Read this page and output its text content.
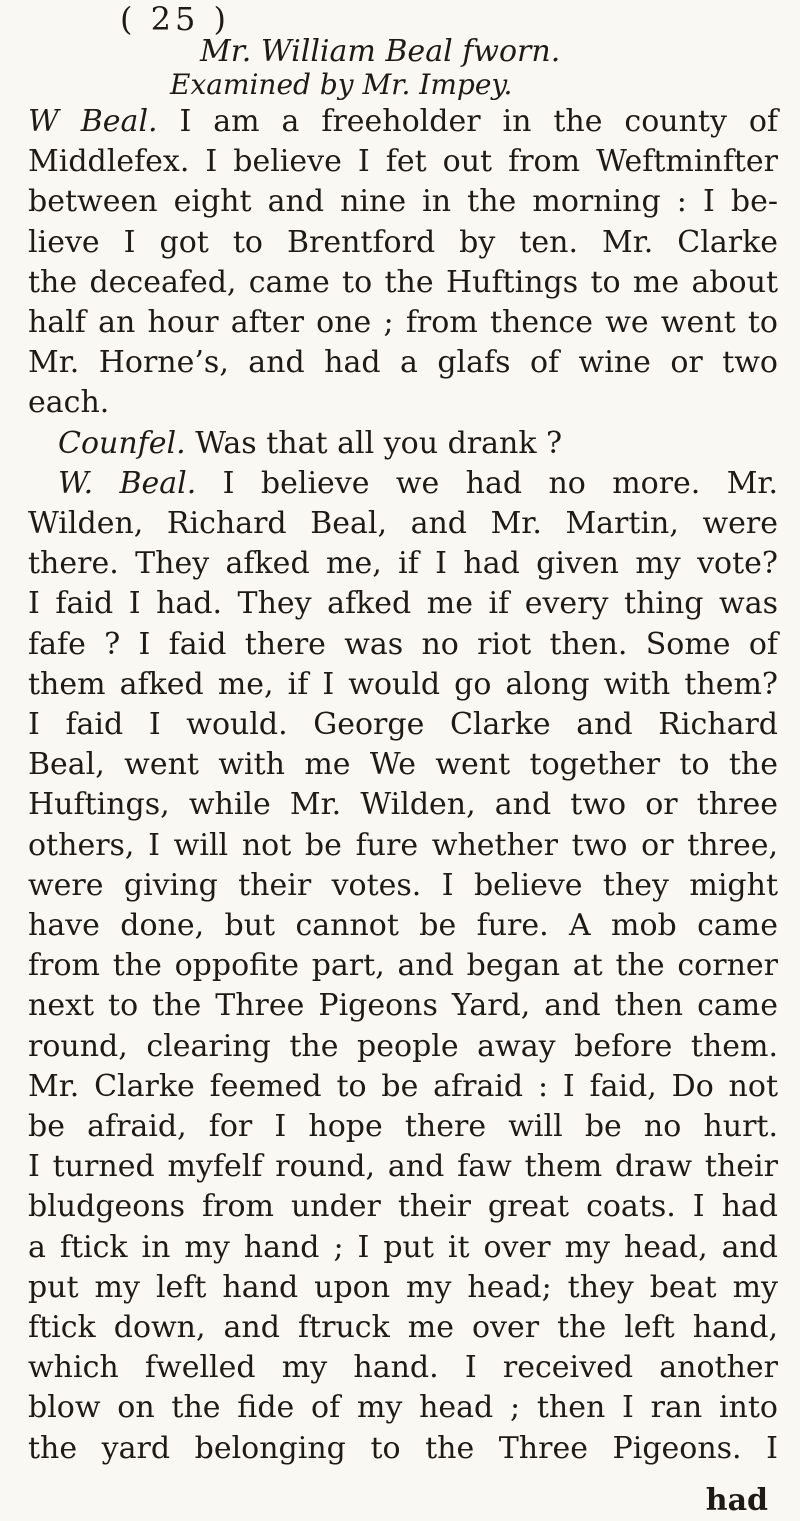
( 25 )
Mr. William Beal fworn.
Examined by Mr. Impey.
W Beal. I am a freeholder in the county of
Middlefex. I believe I fet out from Weftminfter
between eight and nine in the morning : I be-
lieve I got to Brentford by ten. Mr. Clarke
the deceafed, came to the Huftings to me about
half an hour after one ; from thence we went to
Mr. Horne’s, and had a glafs of wine or two
each.
Counfel. Was that all you drank ?
W. Beal. I believe we had no more. Mr.
Wilden, Richard Beal, and Mr. Martin, were
there. They afked me, if I had given my vote?
I faid I had. They afked me if every thing was
fafe ? I faid there was no riot then. Some of
them afked me, if I would go along with them?
I faid I would. George Clarke and Richard
Beal, went with me We went together to the
Huftings, while Mr. Wilden, and two or three
others, I will not be fure whether two or three,
were giving their votes. I believe they might
have done, but cannot be fure. A mob came
from the oppofite part, and began at the corner
next to the Three Pigeons Yard, and then came
round, clearing the people away before them.
Mr. Clarke feemed to be afraid : I faid, Do not
be afraid, for I hope there will be no hurt.
I turned myfelf round, and faw them draw their
bludgeons from under their great coats. I had
a ftick in my hand ; I put it over my head, and
put my left hand upon my head; they beat my
ftick down, and ftruck me over the left hand,
which fwelled my hand. I received another
blow on the fide of my head ; then I ran into
the yard belonging to the Three Pigeons. I
had
